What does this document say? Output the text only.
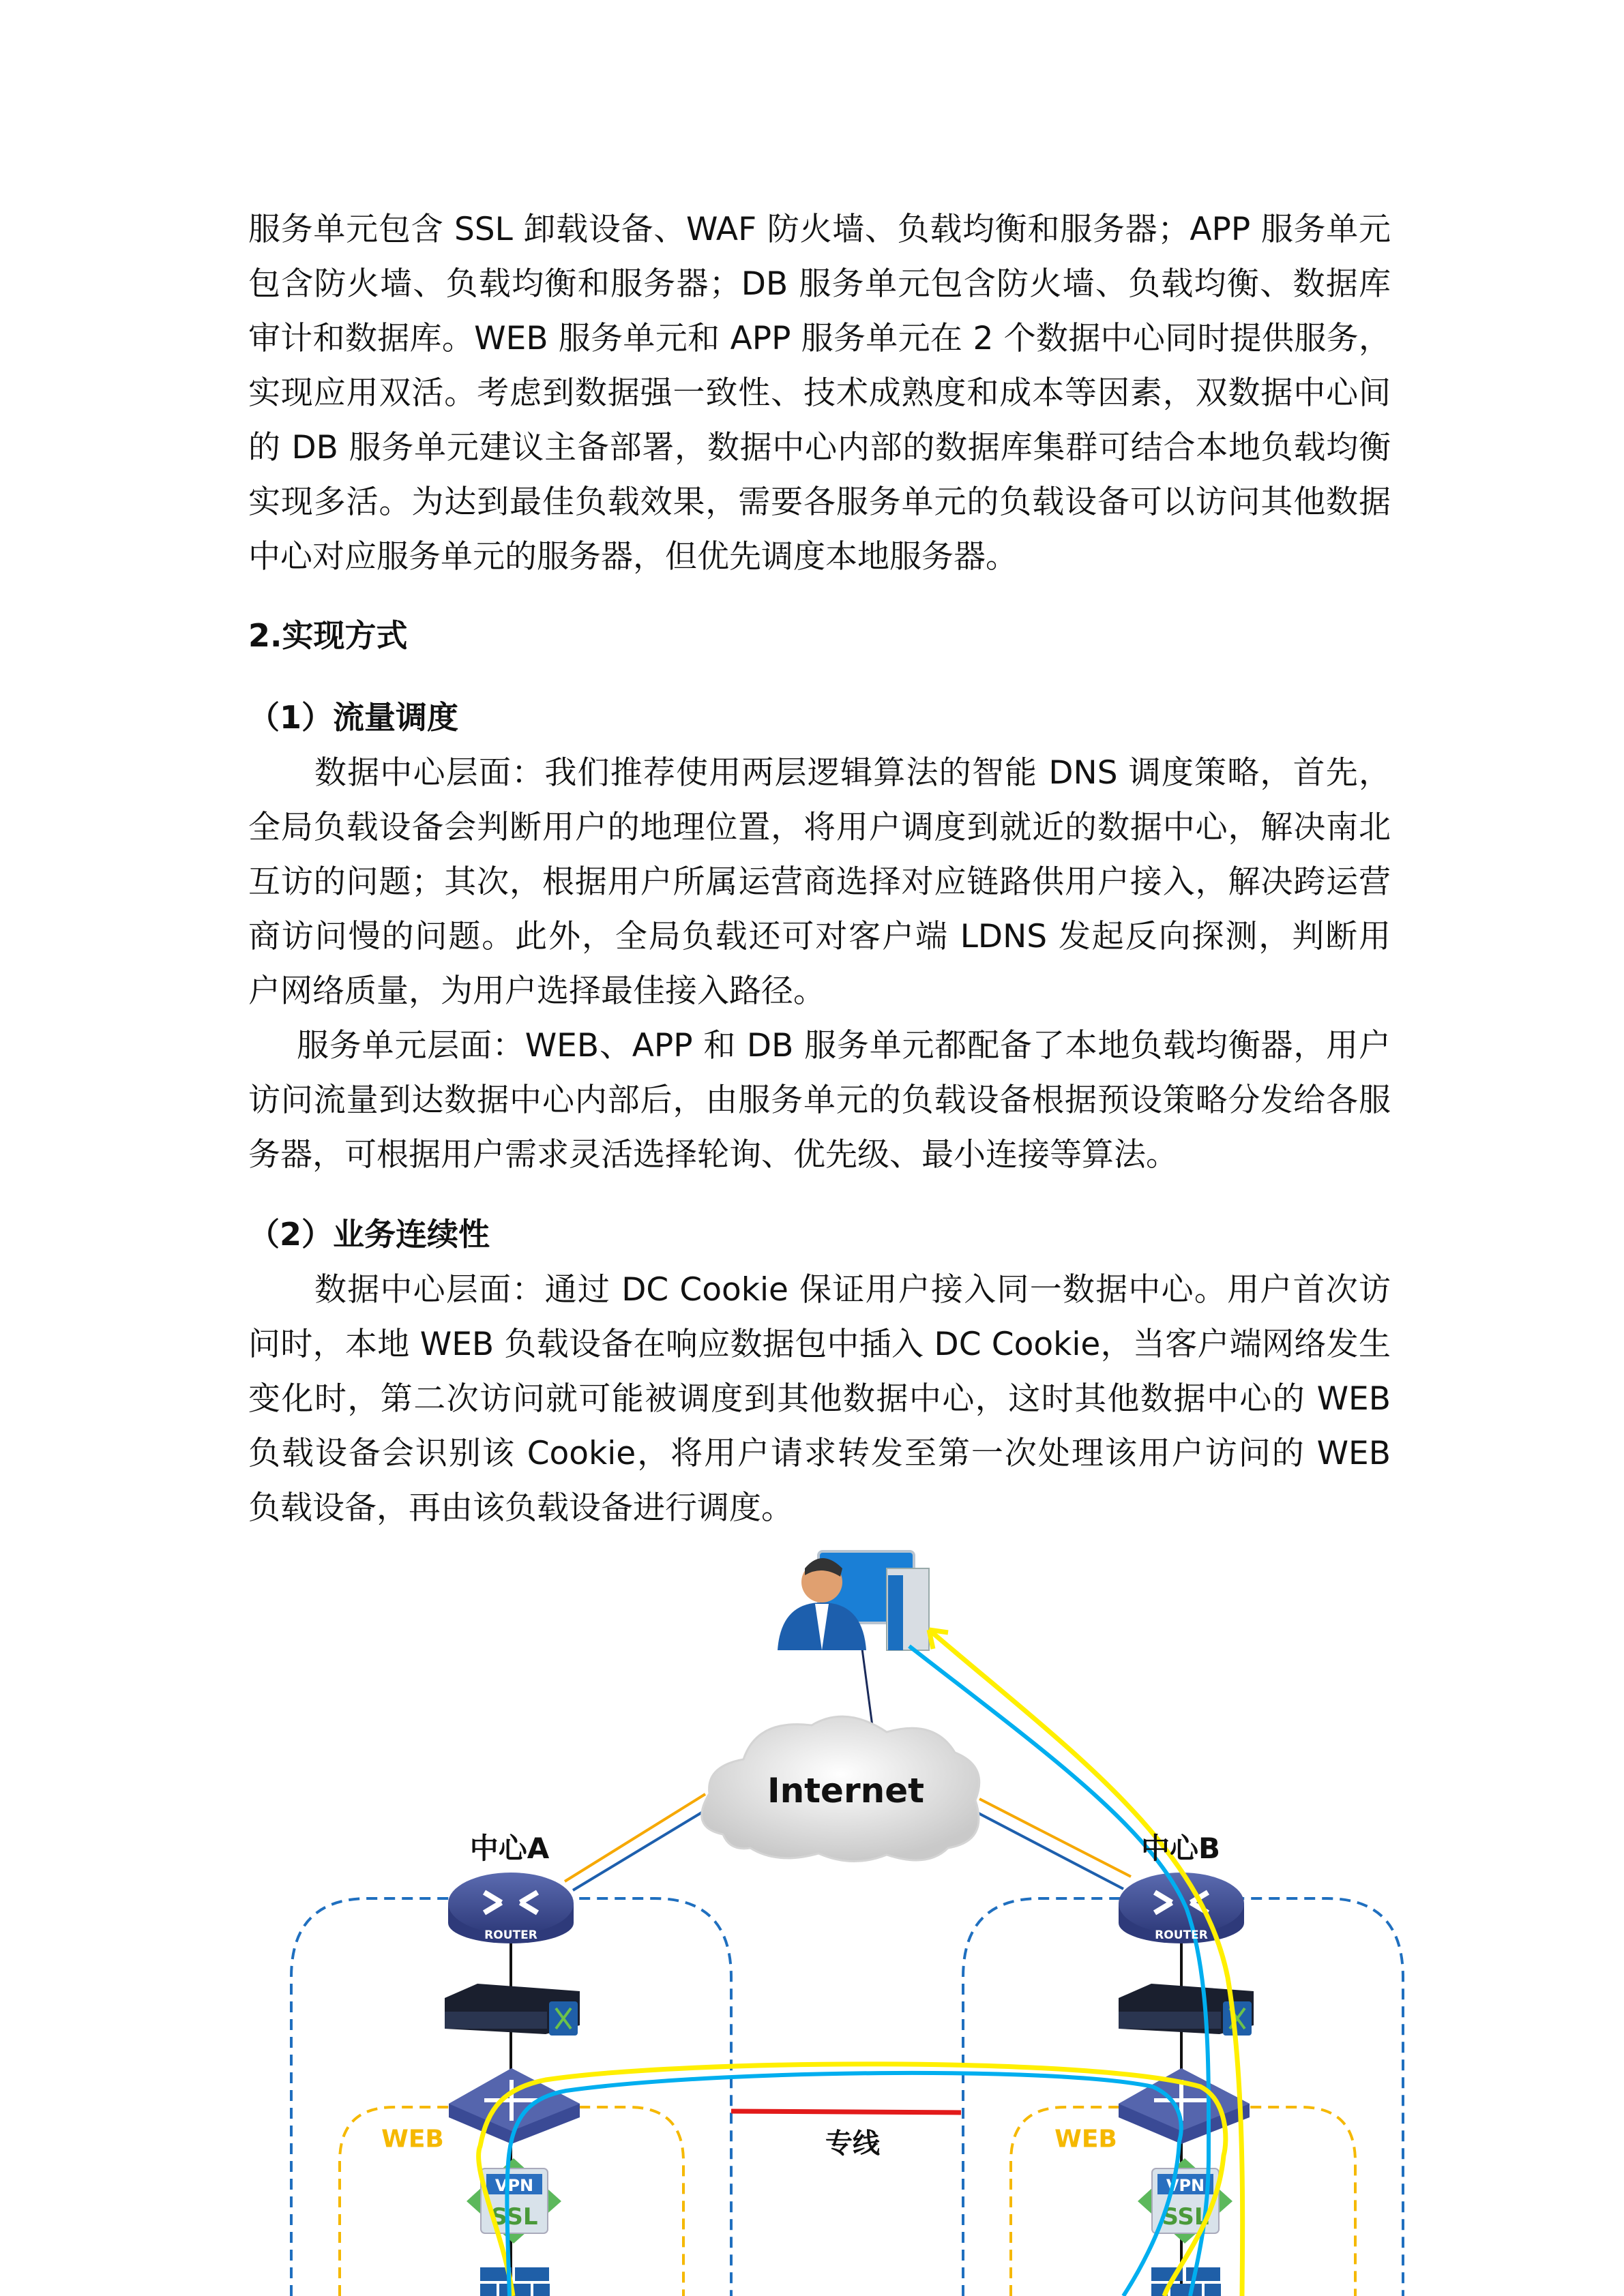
VPN
SSL
VPN
SSL
Internet
中心A	中心B
ROUTER	ROUTER
WEB	WEB
专线
服务单元包含 SSL 卸载设备、WAF 防火墙、负载均衡和服务器；APP 服务单元
包含防火墙、负载均衡和服务器；DB 服务单元包含防火墙、负载均衡、数据库
审计和数据库。WEB 服务单元和 APP 服务单元在 2 个数据中心同时提供服务，
实现应用双活。考虑到数据强一致性、技术成熟度和成本等因素，双数据中心间
的 DB 服务单元建议主备部署，数据中心内部的数据库集群可结合本地负载均衡
实现多活。为达到最佳负载效果，需要各服务单元的负载设备可以访问其他数据
中心对应服务单元的服务器，但优先调度本地服务器。
2.实现方式
（1）流量调度
数据中心层面：我们推荐使用两层逻辑算法的智能 DNS 调度策略，首先，
全局负载设备会判断用户的地理位置，将用户调度到就近的数据中心，解决南北
互访的问题；其次，根据用户所属运营商选择对应链路供用户接入，解决跨运营
商访问慢的问题。此外，全局负载还可对客户端 LDNS 发起反向探测，判断用
户网络质量，为用户选择最佳接入路径。
服务单元层面：WEB、APP 和 DB 服务单元都配备了本地负载均衡器，用户
访问流量到达数据中心内部后，由服务单元的负载设备根据预设策略分发给各服
务器，可根据用户需求灵活选择轮询、优先级、最小连接等算法。
（2）业务连续性
数据中心层面：通过 DC Cookie 保证用户接入同一数据中心。用户首次访
问时，本地 WEB 负载设备在响应数据包中插入 DC Cookie，当客户端网络发生
变化时，第二次访问就可能被调度到其他数据中心，这时其他数据中心的 WEB
负载设备会识别该 Cookie，将用户请求转发至第一次处理该用户访问的 WEB
负载设备，再由该负载设备进行调度。
